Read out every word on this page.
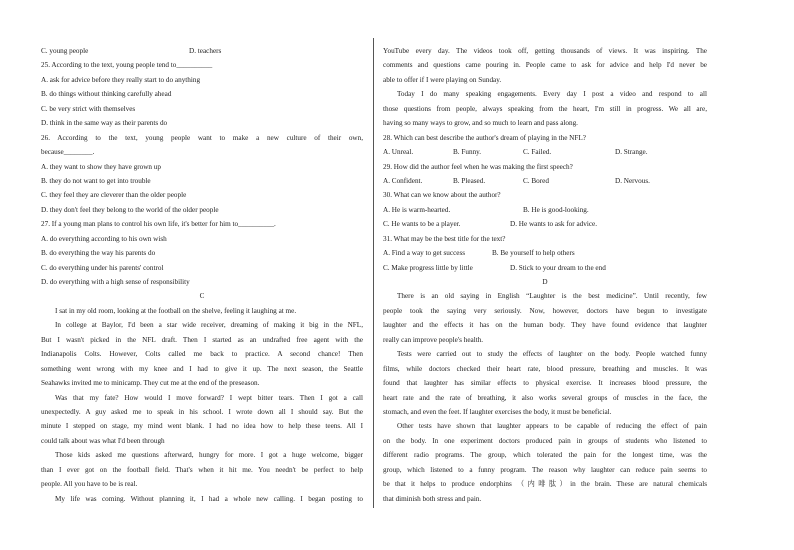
C. young people	D. teachers
25. According to the text, young people tend to__________
A. ask for advice before they really start to do anything
B. do things without thinking carefully ahead
C. be very strict with themselves
D. think in the same way as their parents do
26. According to the text, young people want to make a new culture of their own,
because________.
A. they want to show they have grown up
B. they do not want to get into trouble
C. they feel they are cleverer than the older people
D. they don't feel they belong to the world of the older people
27. If a young man plans to control his own life, it's better for him to__________.
A. do everything according to his own wish
B. do everything the way his parents do
C. do everything under his parents' control
D. do everything with a high sense of responsibility
C
I sat in my old room, looking at the football on the shelve, feeling it laughing at me.
In college at Baylor, I'd been a star wide receiver, dreaming of making it big in the NFL,
But I wasn't picked in the NFL draft. Then I started as an undrafted free agent with the
Indianapolis Colts. However, Colts called me back to practice. A second chance! Then
something went wrong with my knee and I had to give it up. The next season, the Seattle
Seahawks invited me to minicamp. They cut me at the end of the preseason.
Was that my fate? How would I move forward? I wept bitter tears. Then I got a call
unexpectedly. A guy asked me to speak in his school. I wrote down all I should say. But the
minute I stepped on stage, my mind went blank. I had no idea how to help these teens. All I
could talk about was what I'd been through
Those kids asked me questions afterward, hungry for more. I got a huge welcome, bigger
than I ever got on the football field. That's when it hit me. You needn't be perfect to help
people. All you have to be is real.
My life was coming. Without planning it, I had a whole new calling. I began posting to
YouTube every day. The videos took off, getting thousands of views. It was inspiring. The
comments and questions came pouring in. People came to ask for advice and help I'd never be
able to offer if I were playing on Sunday.
Today I do many speaking engagements. Every day I post a video and respond to all
those questions from people, always speaking from the heart, I'm still in progress. We all are,
having so many ways to grow, and so much to learn and pass along.
28. Which can best describe the author's dream of playing in the NFL?
A. Unreal.	B. Funny.	C. Failed.	D. Strange.
29. How did the author feel when he was making the first speech?
A. Confident.	B. Pleased.	C. Bored	D. Nervous.
30. What can we know about the author?
A. He is warm-hearted.	B. He is good-looking.
C. He wants to be a player.	D. He wants to ask for advice.
31. What may be the best title for the text?
A. Find a way to get success	B. Be yourself to help others
C. Make progress little by little	D. Stick to your dream to the end
D
There is an old saying in English “Laughter is the best medicine”. Until recently, few
people took the saying very seriously. Now, however, doctors have begun to investigate
laughter and the effects it has on the human body. They have found evidence that laughter
really can improve people's health.
Tests were carried out to study the effects of laughter on the body. People watched funny
films, while doctors checked their heart rate, blood pressure, breathing and muscles. It was
found that laughter has similar effects to physical exercise. It increases blood pressure, the
heart rate and the rate of breathing, it also works several groups of muscles in the face, the
stomach, and even the feet. If laughter exercises the body, it must be beneficial.
Other tests have shown that laughter appears to be capable of reducing the effect of pain
on the body. In one experiment doctors produced pain in groups of students who listened to
different radio programs. The group, which tolerated the pain for the longest time, was the
group, which listened to a funny program. The reason why laughter can reduce pain seems to
be that it helps to produce endorphins （内啡肽）in the brain. These are natural chemicals
that diminish both stress and pain.
